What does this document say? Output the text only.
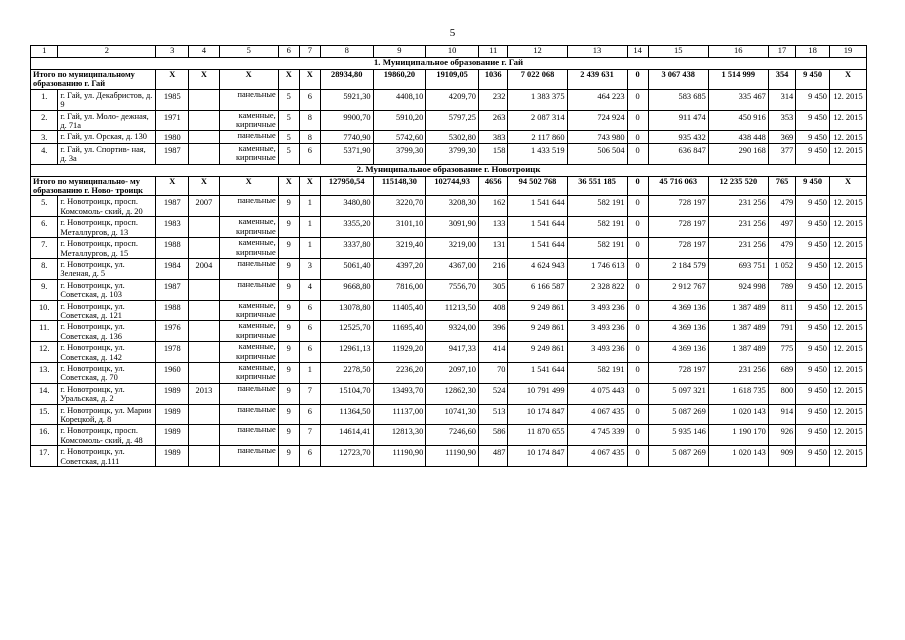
5
1	2	3	4	5	6	7	8	9	10	11	12	13	14	15	16	17	18	19
1. Муниципальное образование г. Гай																		
Итого по муниципальному образованию г. Гай		X	X	X	X	X	28934,80	19860,20	19109,05	1036	7 022 068	2 439 631	0	3 067 438	1 514 999	354	9 450	X
1.	г. Гай, ул. Декабристов, д. 9	1985		панельные	5	6	5921,30	4408,10	4209,70	232	1 383 375	464 223	0	583 685	335 467	314	9 450	12. 2015
2.	г. Гай, ул. Моло- дежная, д. 71а	1971		каменные, кирпичные	5	8	9900,70	5910,20	5797,25	263	2 087 314	724 924	0	911 474	450 916	353	9 450	12. 2015
3.	г. Гай, ул. Орская, д. 130	1980		панельные	5	8	7740,90	5742,60	5302,80	383	2 117 860	743 980	0	935 432	438 448	369	9 450	12. 2015
4.	г. Гай, ул. Спортив- ная, д. 3а	1987		каменные, кирпичные	5	6	5371,90	3799,30	3799,30	158	1 433 519	506 504	0	636 847	290 168	377	9 450	12. 2015
2. Муниципальное образование г. Новотроицк																		
Итого по муниципально- му образованию г. Ново- троицк		X	X	X	X	X	127950,54	115148,30	102744,93	4656	94 502 768	36 551 185	0	45 716 063	12 235 520	765	9 450	X
5.	г. Новотроицк, просп. Комсомоль- ский, д. 20	1987	2007	панельные	9	1	3480,80	3220,70	3208,30	162	1 541 644	582 191	0	728 197	231 256	479	9 450	12. 2015
6.	г. Новотроицк, просп. Металлургов, д. 13	1983		каменные, кирпичные	9	1	3355,20	3101,10	3091,90	133	1 541 644	582 191	0	728 197	231 256	497	9 450	12. 2015
7.	г. Новотроицк, просп. Металлургов, д. 15	1988		каменные, кирпичные	9	1	3337,80	3219,40	3219,00	131	1 541 644	582 191	0	728 197	231 256	479	9 450	12. 2015
8.	г. Новотроицк, ул. Зеленая, д. 5	1984	2004	панельные	9	3	5061,40	4397,20	4367,00	216	4 624 943	1 746 613	0	2 184 579	693 751	1 052	9 450	12. 2015
9.	г. Новотроицк, ул. Советская, д. 103	1987		панельные	9	4	9668,80	7816,00	7556,70	305	6 166 587	2 328 822	0	2 912 767	924 998	789	9 450	12. 2015
10.	г. Новотроицк, ул. Советская, д. 121	1988		каменные, кирпичные	9	6	13078,80	11405,40	11213,50	408	9 249 861	3 493 236	0	4 369 136	1 387 489	811	9 450	12. 2015
11.	г. Новотроицк, ул. Советская, д. 136	1976		каменные, кирпичные	9	6	12525,70	11695,40	9324,00	396	9 249 861	3 493 236	0	4 369 136	1 387 489	791	9 450	12. 2015
12.	г. Новотроицк, ул. Советская, д. 142	1978		каменные, кирпичные	9	6	12961,13	11929,20	9417,33	414	9 249 861	3 493 236	0	4 369 136	1 387 489	775	9 450	12. 2015
13.	г. Новотроицк, ул. Советская, д. 70	1960		каменные, кирпичные	9	1	2278,50	2236,20	2097,10	70	1 541 644	582 191	0	728 197	231 256	689	9 450	12. 2015
14.	г. Новотроицк, ул. Уральская, д. 2	1989	2013	панельные	9	7	15104,70	13493,70	12862,30	524	10 791 499	4 075 443	0	5 097 321	1 618 735	800	9 450	12. 2015
15.	г. Новотроицк, ул. Марии Корецкой, д. 8	1989		панельные	9	6	11364,50	11137,00	10741,30	513	10 174 847	4 067 435	0	5 087 269	1 020 143	914	9 450	12. 2015
16.	г. Новотроицк, просп. Комсомоль- ский, д. 48	1989		панельные	9	7	14614,41	12813,30	7246,60	586	11 870 655	4 745 339	0	5 935 146	1 190 170	926	9 450	12. 2015
17.	г. Новотроицк, ул. Советская, д.111	1989		панельные	9	6	12723,70	11190,90	11190,90	487	10 174 847	4 067 435	0	5 087 269	1 020 143	909	9 450	12. 2015
